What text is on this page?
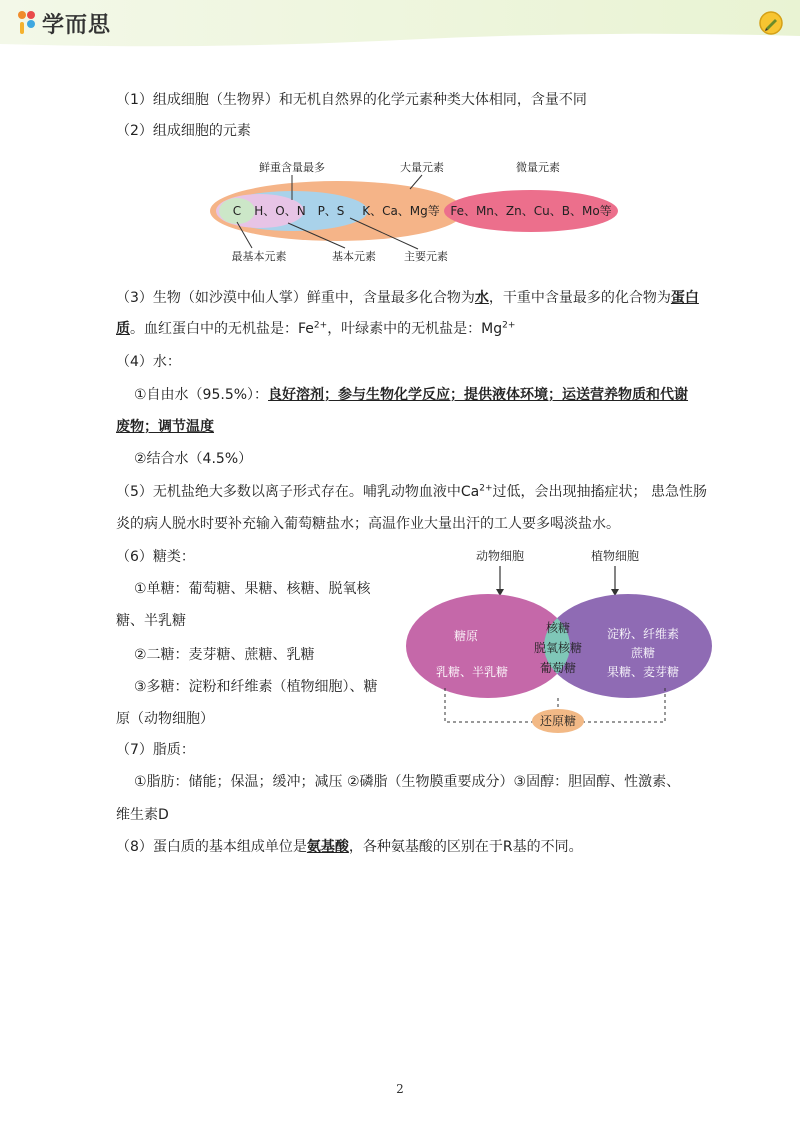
学而思
（1）组成细胞（生物界）和无机自然界的化学元素种类大体相同，含量不同
（2）组成细胞的元素
C H、O、N P、S K、Ca、Mg等 Fe、Mn、Zn、Cu、B、Mo等
鲜重含量最多	大量元素	微量元素
最基本元素	基本元素	主要元素
（3）生物（如沙漠中仙人掌）鲜重中，含量最多化合物为水，干重中含量最多的化合物为蛋白
质。血红蛋白中的无机盐是：$Fe^{2+}$，叶绿素中的无机盐是：$Mg^{2+}$
（4）水：
①自由水（95.5%）：良好溶剂；参与生物化学反应；提供液体环境；运送营养物质和代谢
废物；调节温度
②结合水（4.5%）
（5）无机盐绝大多数以离子形式存在。哺乳动物血液中$Ca^{2+}$过低，会出现抽搐症状； 患急性肠
炎的病人脱水时要补充输入葡萄糖盐水；高温作业大量出汗的工人要多喝淡盐水。
（6）糖类：
①单糖：葡萄糖、果糖、核糖、脱氧核
糖、半乳糖
②二糖：麦芽糖、蔗糖、乳糖
③多糖：淀粉和纤维素（植物细胞）、糖
原（动物细胞）
动物细胞	植物细胞
糖原
乳糖、半乳糖
核糖
脱氧核糖
葡萄糖
淀粉、纤维素
蔗糖
果糖、麦芽糖
还原糖
（7）脂质：
①脂肪：储能；保温；缓冲；减压 ②磷脂（生物膜重要成分）③固醇：胆固醇、性激素、
维生素D
（8）蛋白质的基本组成单位是氨基酸，各种氨基酸的区别在于R基的不同。
2
